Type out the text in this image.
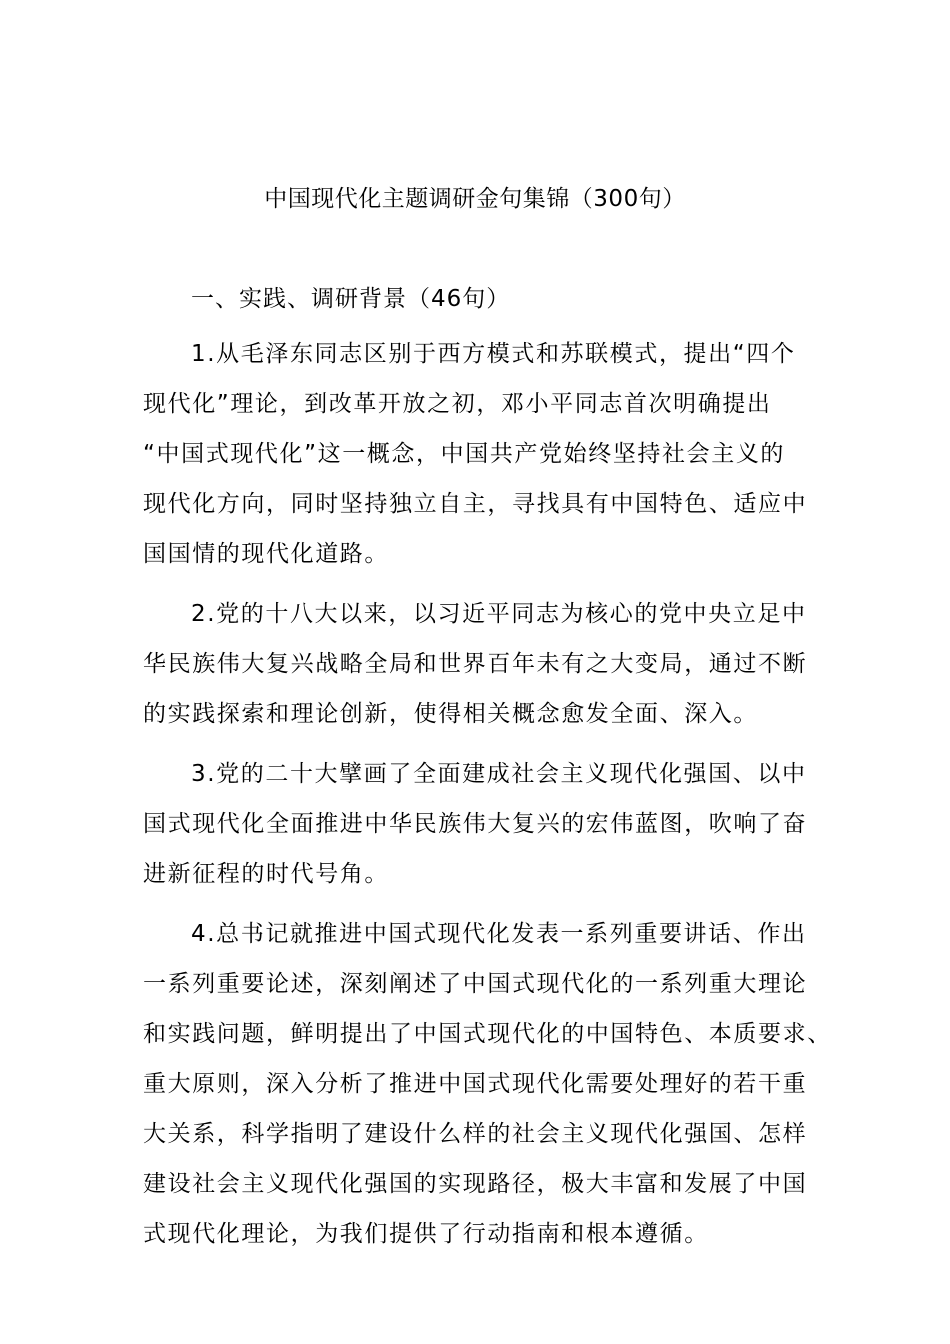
中国现代化主题调研金句集锦（300句）

一、实践、调研背景（46句）

1.从毛泽东同志区别于西方模式和苏联模式，提出“四个
现代化”理论，到改革开放之初，邓小平同志首次明确提出
“中国式现代化”这一概念，中国共产党始终坚持社会主义的
现代化方向，同时坚持独立自主，寻找具有中国特色、适应中
国国情的现代化道路。

2.党的十八大以来，以习近平同志为核心的党中央立足中
华民族伟大复兴战略全局和世界百年未有之大变局，通过不断
的实践探索和理论创新，使得相关概念愈发全面、深入。

3.党的二十大擘画了全面建成社会主义现代化强国、以中
国式现代化全面推进中华民族伟大复兴的宏伟蓝图，吹响了奋
进新征程的时代号角。

4.总书记就推进中国式现代化发表一系列重要讲话、作出
一系列重要论述，深刻阐述了中国式现代化的一系列重大理论
和实践问题，鲜明提出了中国式现代化的中国特色、本质要求、
重大原则，深入分析了推进中国式现代化需要处理好的若干重
大关系，科学指明了建设什么样的社会主义现代化强国、怎样
建设社会主义现代化强国的实现路径，极大丰富和发展了中国
式现代化理论，为我们提供了行动指南和根本遵循。
